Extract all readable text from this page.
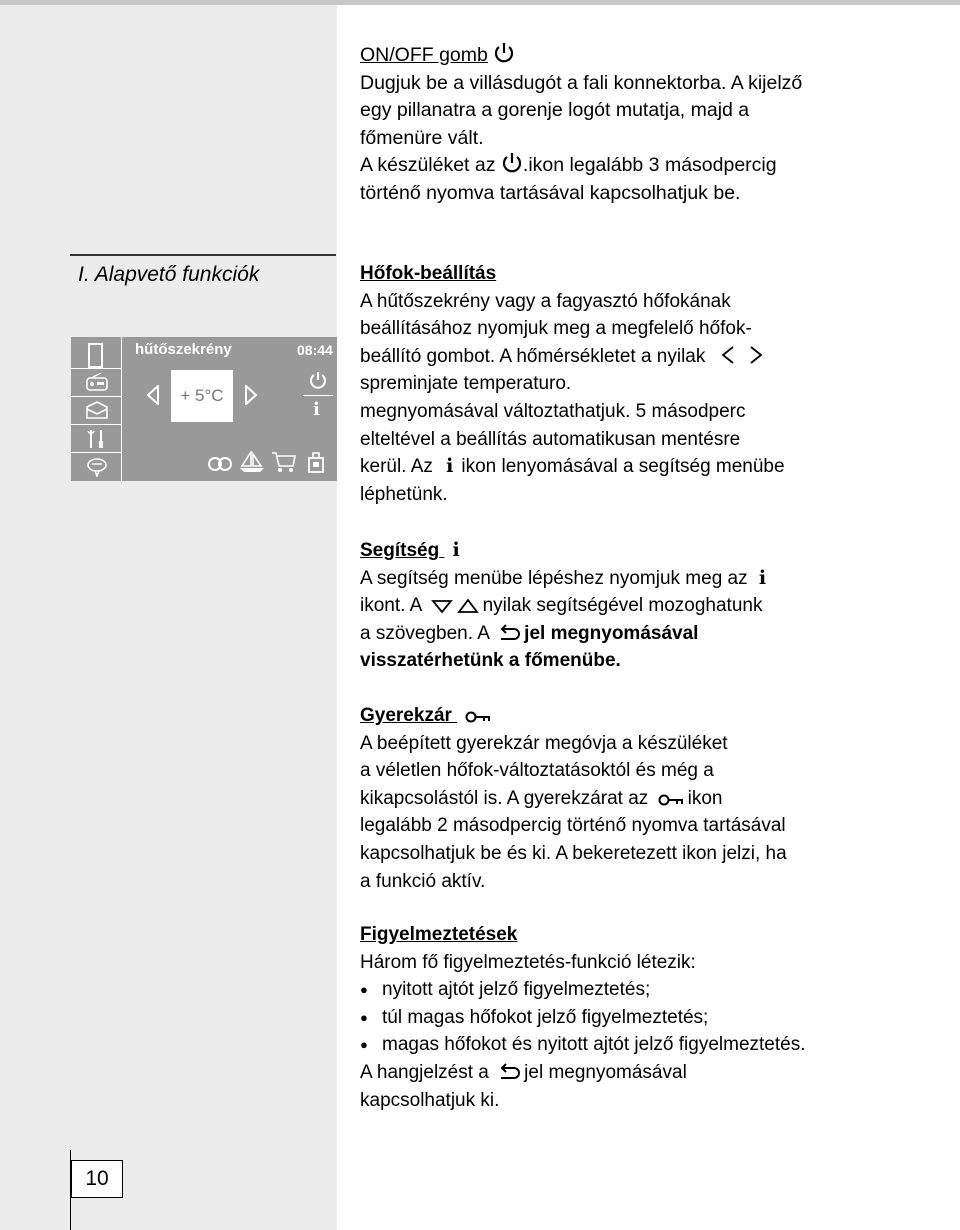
I. Alapvető funkciók
hűtőszekrény	08:44
+ 5°C
i
ON/OFF gomb
Dugjuk be a villásdugót a fali konnektorba. A kijelző
egy pillanatra a gorenje logót mutatja, majd a
főmenüre vált.
A készüléket az .ikon legalább 3 másodpercig
történő nyomva tartásával kapcsolhatjuk be.
Hőfok-beállítás
A hűtőszekrény vagy a fagyasztó hőfokának
beállításához nyomjuk meg a megfelelő hőfok-
beállító gombot. A hőmérsékletet a nyilak
spreminjate temperaturo.
megnyomásával változtathatjuk. 5 másodperc
elteltével a beállítás automatikusan mentésre
kerül. Az i ikon lenyomásával a segítség menübe
léphetünk.
Segítség i
A segítség menübe lépéshez nyomjuk meg az i
ikont. A	nyilak segítségével mozoghatunk
a szövegben. A jel megnyomásával
visszatérhetünk a főmenübe.
Gyerekzár
A beépített gyerekzár megóvja a készüléket
a véletlen hőfok-változtatásoktól és még a
kikapcsolástól is. A gyerekzárat az ikon
legalább 2 másodpercig történő nyomva tartásával
kapcsolhatjuk be és ki. A bekeretezett ikon jelzi, ha
a funkció aktív.
Figyelmeztetések
Három fő figyelmeztetés-funkció létezik:
● nyitott ajtót jelző figyelmeztetés;
● túl magas hőfokot jelző figyelmeztetés;
● magas hőfokot és nyitott ajtót jelző figyelmeztetés.
A hangjelzést a jel megnyomásával
kapcsolhatjuk ki.
10
